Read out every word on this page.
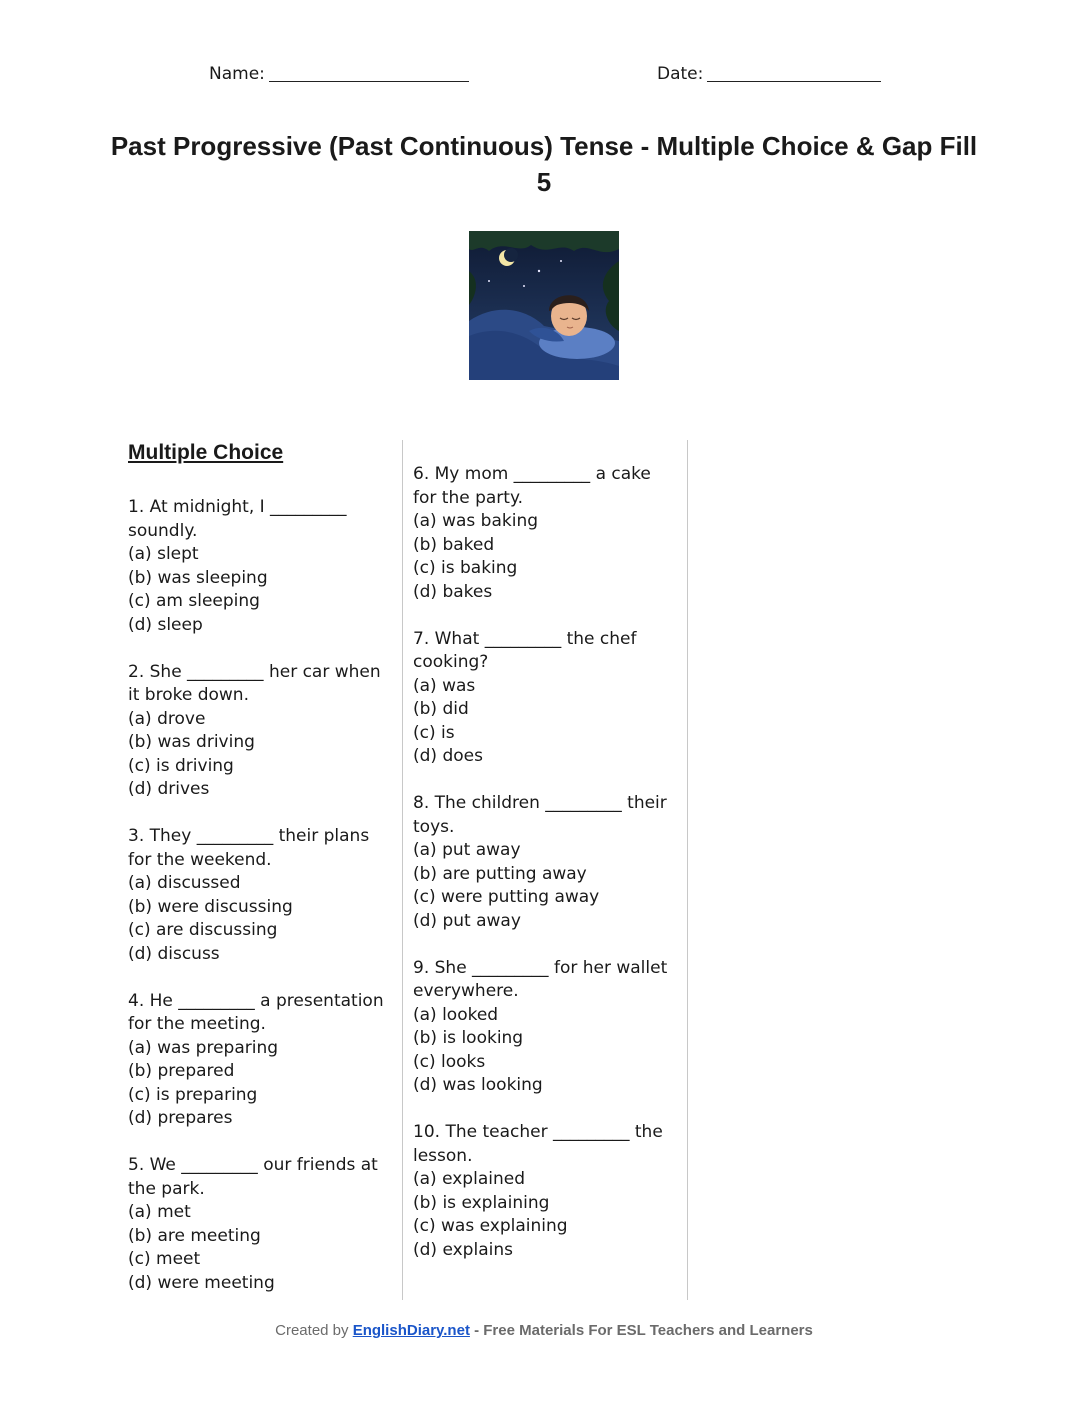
Name:	Date:
Past Progressive (Past Continuous) Tense - Multiple Choice & Gap Fill 5
Multiple Choice

1. At midnight, I _________

soundly.

(a) slept

(b) was sleeping

(c) am sleeping

(d) sleep

2. She _________ her car when

it broke down.

(a) drove

(b) was driving

(c) is driving

(d) drives

3. They _________ their plans

for the weekend.

(a) discussed

(b) were discussing

(c) are discussing

(d) discuss

4. He _________ a presentation

for the meeting.

(a) was preparing

(b) prepared

(c) is preparing

(d) prepares

5. We _________ our friends at

the park.

(a) met

(b) are meeting

(c) meet

(d) were meeting

6. My mom _________ a cake

for the party.

(a) was baking

(b) baked

(c) is baking

(d) bakes

7. What _________ the chef

cooking?

(a) was

(b) did

(c) is

(d) does

8. The children _________ their

toys.

(a) put away

(b) are putting away

(c) were putting away

(d) put away

9. She _________ for her wallet

everywhere.

(a) looked

(b) is looking

(c) looks

(d) was looking

10. The teacher _________ the

lesson.

(a) explained

(b) is explaining

(c) was explaining

(d) explains

Created by EnglishDiary.net - Free Materials For ESL Teachers and Learners
